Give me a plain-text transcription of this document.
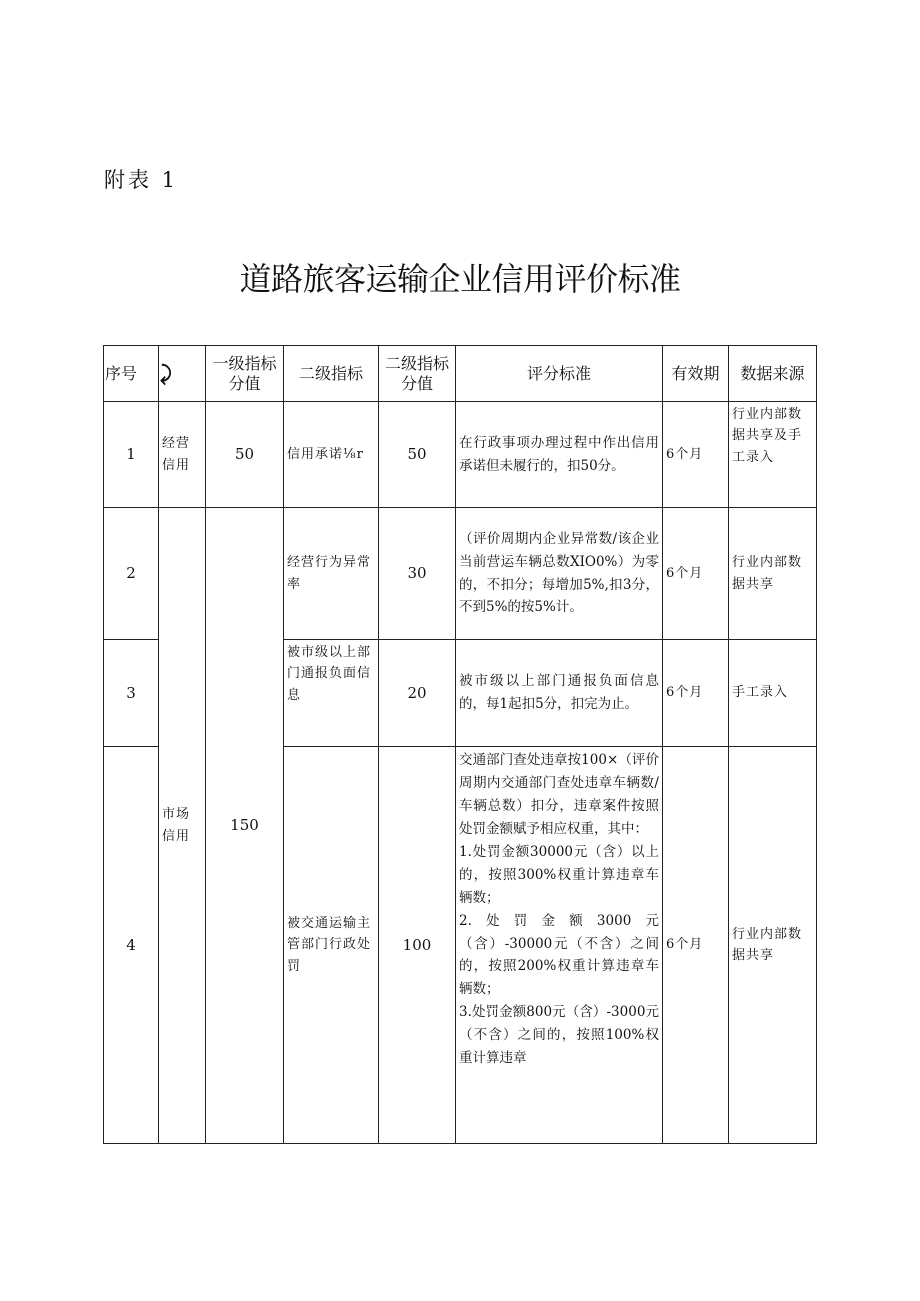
附表 1
道路旅客运输企业信用评价标准
序号	⤸	一级指标分值	二级指标	二级指标分值	评分标准	有效期	数据来源
1	经营信用	50	信用承诺⅛r	50	在行政事项办理过程中作出信用承诺但未履行的，扣50分。	6个月	行业内部数据共享及手工录入
2	市场信用	150	经营行为异常率	30	（评价周期内企业异常数/该企业当前营运车辆总数XIO0%）为零的，不扣分；每增加5%,扣3分，不到5%的按5%计。	6个月	行业内部数据共享
3			被市级以上部门通报负面信息	20	被市级以上部门通报负面信息的，每1起扣5分，扣完为止。	6个月	手工录入
4			被交通运输主管部门行政处罚	100	交通部门查处违章按100×（评价周期内交通部门查处违章车辆数/车辆总数）扣分，违章案件按照处罚金额赋予相应权重，其中：
1.处罚金额30000元（含）以上的，按照300%权重计算违章车辆数；
2.处罚金额3000元（含）-30000元（不含）之间的，按照200%权重计算违章车辆数；
3.处罚金额800元（含）-3000元（不含）之间的，按照100%权重计算违章	6个月	行业内部数据共享
